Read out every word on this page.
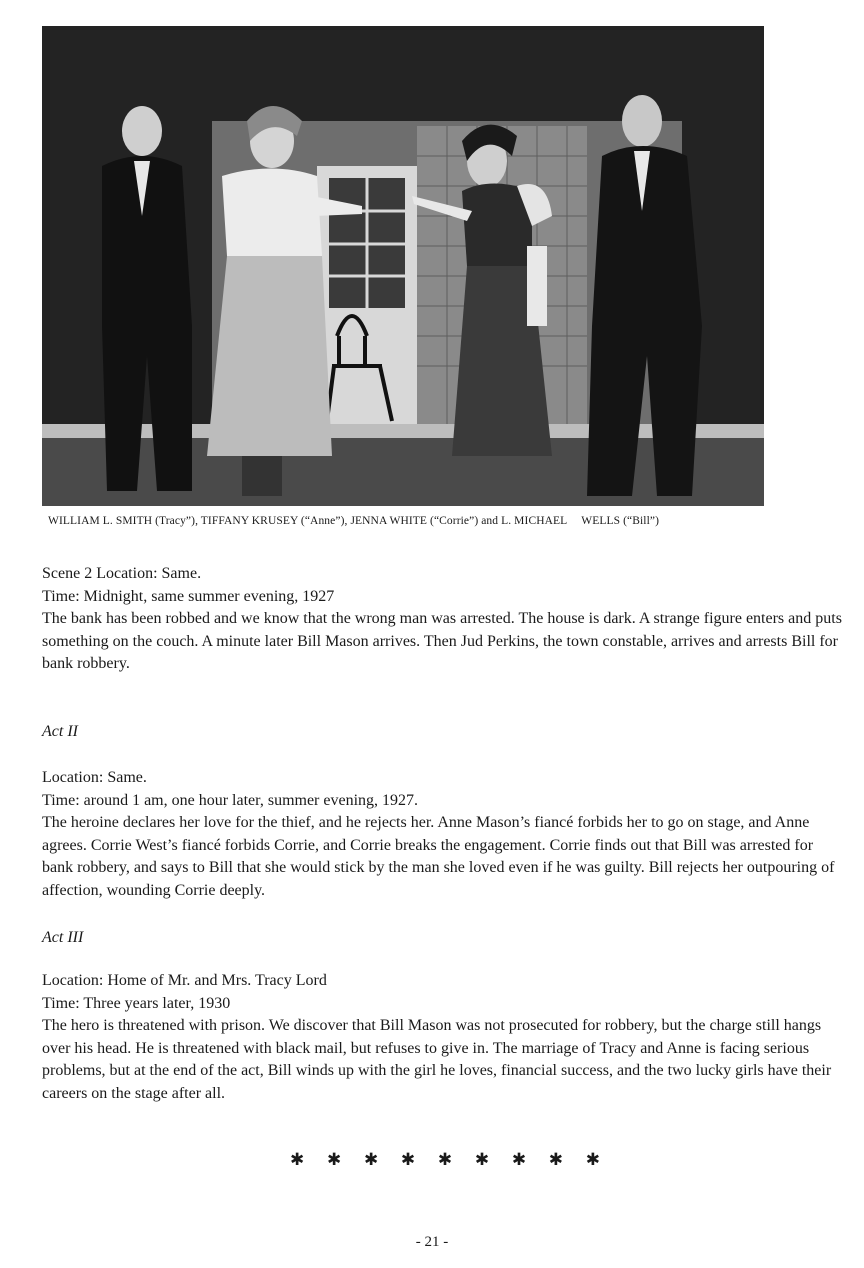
WILLIAM L. SMITH (Tracy”), TIFFANY KRUSEY (“Anne”), JENNA WHITE (“Corrie”) and L. MICHAEL WELLS (“Bill”)

Scene 2 Location: Same.

Time: Midnight, same summer evening, 1927

The bank has been robbed and we know that the wrong man was arrested. The house is dark. A strange figure enters and puts something on the couch. A minute later Bill Mason arrives. Then Jud Perkins, the town constable, arrives and arrests Bill for bank robbery.

Act II

Location: Same.

Time: around 1 am, one hour later, summer evening, 1927.

The heroine declares her love for the thief, and he rejects her. Anne Mason’s fiancé forbids her to go on stage, and Anne agrees. Corrie West’s fiancé forbids Corrie, and Corrie breaks the engagement. Corrie finds out that Bill was arrested for bank robbery, and says to Bill that she would stick by the man she loved even if he was guilty. Bill rejects her outpouring of affection, wounding Corrie deeply.

Act III

Location: Home of Mr. and Mrs. Tracy Lord

Time: Three years later, 1930

The hero is threatened with prison. We discover that Bill Mason was not prosecuted for robbery, but the charge still hangs over his head. He is threatened with black mail, but refuses to give in. The marriage of Tracy and Anne is facing serious problems, but at the end of the act, Bill winds up with the girl he loves, financial success, and the two lucky girls have their careers on the stage after all.

✱ ✱ ✱ ✱ ✱ ✱ ✱ ✱ ✱
- 21 -
